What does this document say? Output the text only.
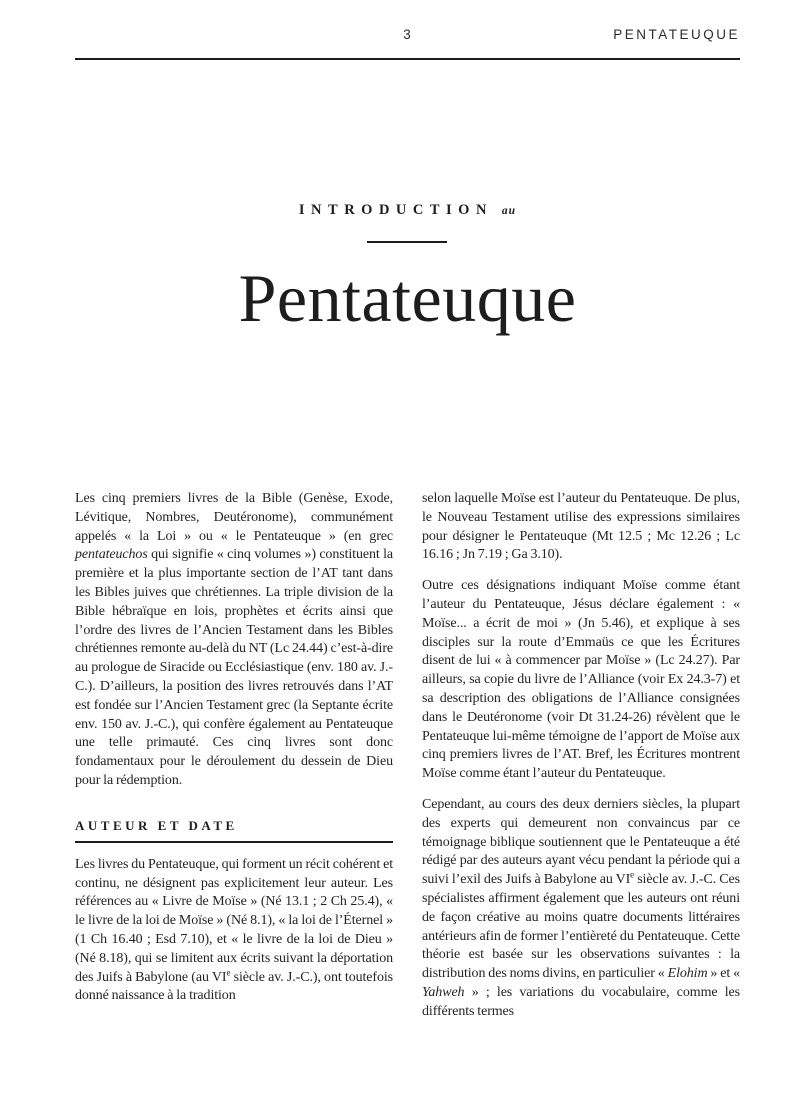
3	PENTATEUQUE
INTRODUCTION au
Pentateuque

Les cinq premiers livres de la Bible (Genèse, Exode, Lévitique, Nombres, Deutéronome), communément appelés « la Loi » ou « le Pentateuque » (en grec pentateuchos qui signifie « cinq volumes ») constituent la première et la plus importante section de l’AT tant dans les Bibles juives que chrétiennes. La triple division de la Bible hébraïque en lois, prophètes et écrits ainsi que l’ordre des livres de l’Ancien Testament dans les Bibles chrétiennes remonte au-delà du NT (Lc 24.44) c’est-à-dire au prologue de Siracide ou Ecclésiastique (env. 180 av. J.-C.). D’ailleurs, la position des livres retrouvés dans l’AT est fondée sur l’Ancien Testament grec (la Septante écrite env. 150 av. J.-C.), qui confère également au Pentateuque une telle primauté. Ces cinq livres sont donc fondamentaux pour le déroulement du dessein de Dieu pour la rédemption.

AUTEUR ET DATE

Les livres du Pentateuque, qui forment un récit cohérent et continu, ne désignent pas explicitement leur auteur. Les références au « Livre de Moïse » (Né 13.1 ; 2 Ch 25.4), « le livre de la loi de Moïse » (Né 8.1), « la loi de l’Éternel » (1 Ch 16.40 ; Esd 7.10), et « le livre de la loi de Dieu » (Né 8.18), qui se limitent aux écrits suivant la déportation des Juifs à Babylone (au VIe siècle av. J.-C.), ont toutefois donné naissance à la tradition

selon laquelle Moïse est l’auteur du Pentateuque. De plus, le Nouveau Testament utilise des expressions similaires pour désigner le Pentateuque (Mt 12.5 ; Mc 12.26 ; Lc 16.16 ; Jn 7.19 ; Ga 3.10).

Outre ces désignations indiquant Moïse comme étant l’auteur du Pentateuque, Jésus déclare également : « Moïse... a écrit de moi » (Jn 5.46), et explique à ses disciples sur la route d’Emmaüs ce que les Écritures disent de lui « à commencer par Moïse » (Lc 24.27). Par ailleurs, sa copie du livre de l’Alliance (voir Ex 24.3-7) et sa description des obligations de l’Alliance consignées dans le Deutéronome (voir Dt 31.24-26) révèlent que le Pentateuque lui-même témoigne de l’apport de Moïse aux cinq premiers livres de l’AT. Bref, les Écritures montrent Moïse comme étant l’auteur du Pentateuque.

Cependant, au cours des deux derniers siècles, la plupart des experts qui demeurent non convaincus par ce témoignage biblique soutiennent que le Pentateuque a été rédigé par des auteurs ayant vécu pendant la période qui a suivi l’exil des Juifs à Babylone au VIe siècle av. J.-C. Ces spécialistes affirment également que les auteurs ont réuni de façon créative au moins quatre documents littéraires antérieurs afin de former l’entièreté du Pentateuque. Cette théorie est basée sur les observations suivantes : la distribution des noms divins, en particulier « Elohim » et « Yahweh » ; les variations du vocabulaire, comme les différents termes
